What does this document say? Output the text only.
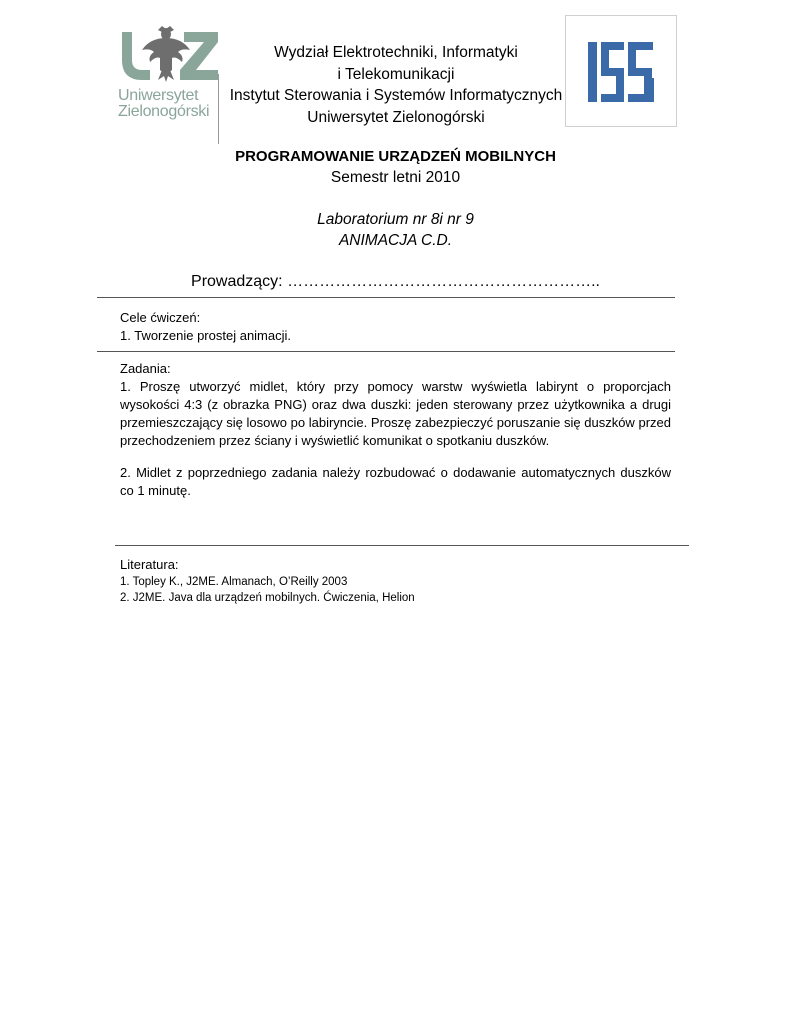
Uniwersytet
Zielonogórski
Wydział Elektrotechniki, Informatyki
i Telekomunikacji
Instytut Sterowania i Systemów Informatycznych
Uniwersytet Zielonogórski
PROGRAMOWANIE URZĄDZEŃ MOBILNYCH
Semestr letni 2010
Laboratorium nr 8i nr 9
ANIMACJA C.D.
Prowadzący: …………………………………………………..
Cele ćwiczeń:
1. Tworzenie prostej animacji.
Zadania:
1. Proszę utworzyć midlet, który przy pomocy warstw wyświetla labirynt o proporcjach wysokości 4:3 (z obrazka PNG) oraz dwa duszki: jeden sterowany przez użytkownika a drugi przemieszczający się losowo po labiryncie. Proszę zabezpieczyć poruszanie się duszków przed przechodzeniem przez ściany i wyświetlić komunikat o spotkaniu duszków.
2. Midlet z poprzedniego zadania należy rozbudować o dodawanie automatycznych duszków co 1 minutę.
Literatura:
1. Topley K., J2ME. Almanach, O’Reilly 2003
2. J2ME. Java dla urządzeń mobilnych. Ćwiczenia, Helion
